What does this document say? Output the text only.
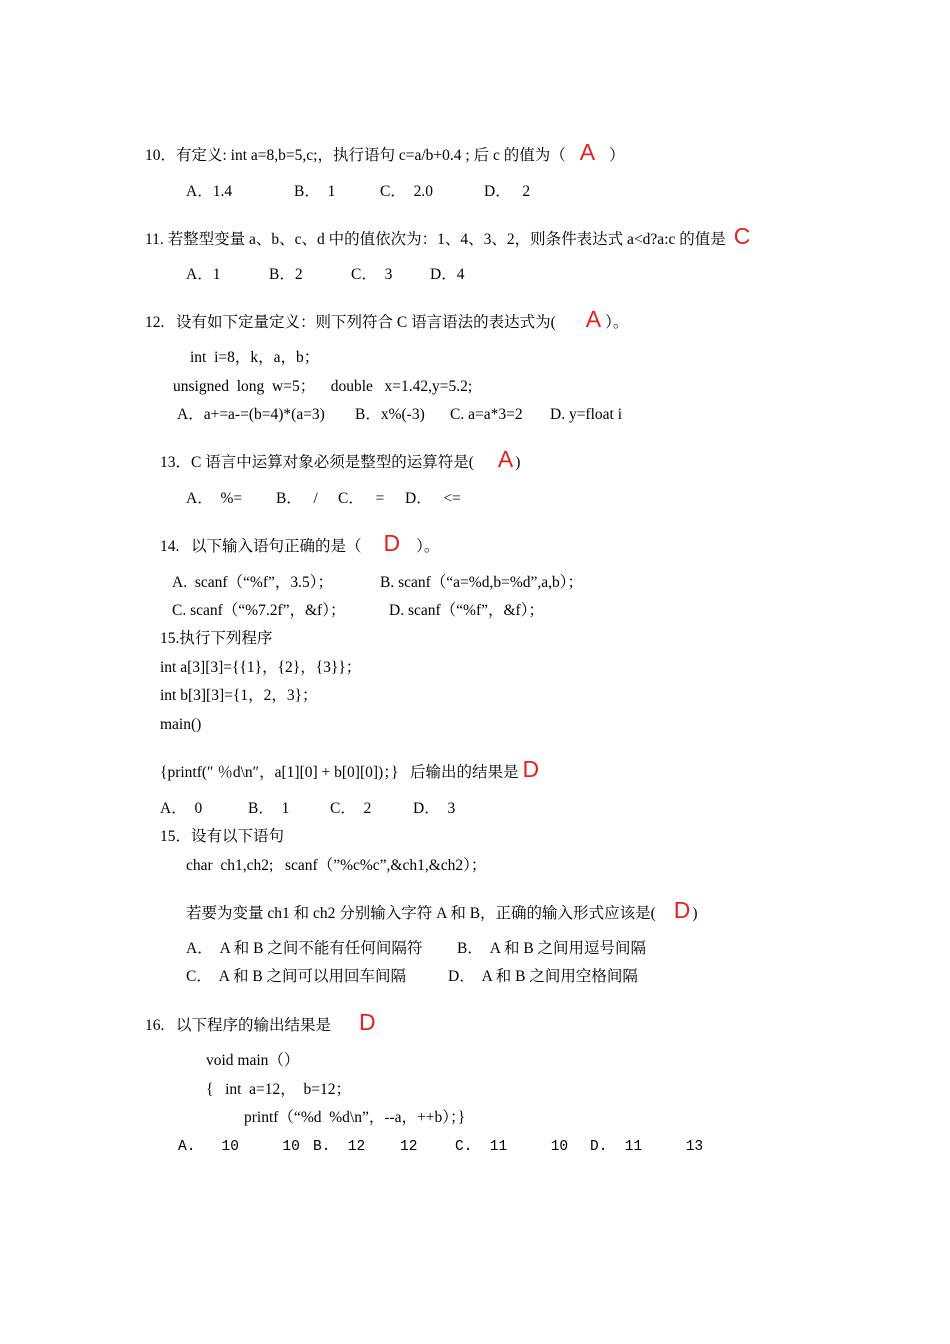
10．有定义: int a=8,b=5,c;，执行语句 c=a/b+0.4 ; 后 c 的值为（ A ）
A．1.4	B．  1	C．  2.0	D．   2
11. 若整型变量 a、b、c、d 中的值依次为：1、4、3、2，则条件表达式 a<d?a:c 的值是 C
A．1	B．2	C．  3 D．4
12.   设有如下定量定义：则下列符合 C 语言语法的表达式为( A ）。
int  i=8，k，a，b；
unsigned  long  w=5；    double   x=1.42,y=5.2;
A．a+=a-=(b=4)*(a=3) B．x%(-3) C. a=a*3=2 D. y=float i
13．C 语言中运算对象必须是整型的运算符是( A )
A．  %= B．   / C．   = D．   <=
14.   以下输入语句正确的是（ D ）。
A.  scanf（“%f”，3.5）；	B. scanf（“a=%d,b=%d”,a,b）；
C. scanf（“%7.2f”，&f）；	D. scanf（“%f”，&f）；
15.执行下列程序
int a[3][3]={{1}，{2}，{3}}；
int b[3][3]={1，2，3}；
main()
{printf(″ ％d\n″，a[1][0] + b[0][0])；}   后输出的结果是 D
A．  0	B．  1	C．  2	D．  3
15．设有以下语句
char  ch1,ch2;   scanf（”%c%c”,&ch1,&ch2）；
若要为变量 ch1 和 ch2 分别输入字符 A 和 B，正确的输入形式应该是( D )
A．  A 和 B 之间不能有任何间隔符 B．  A 和 B 之间用逗号间隔
C．  A 和 B 之间可以用回车间隔	D．  A 和 B 之间用空格间隔
16.   以下程序的输出结果是 D
void main（）
{   int  a=12，  b=12；
printf（“%d  %d\n”，--a，++b）；}
A.   10     10 B.  12    12	C.  11     10 D.  11     13
